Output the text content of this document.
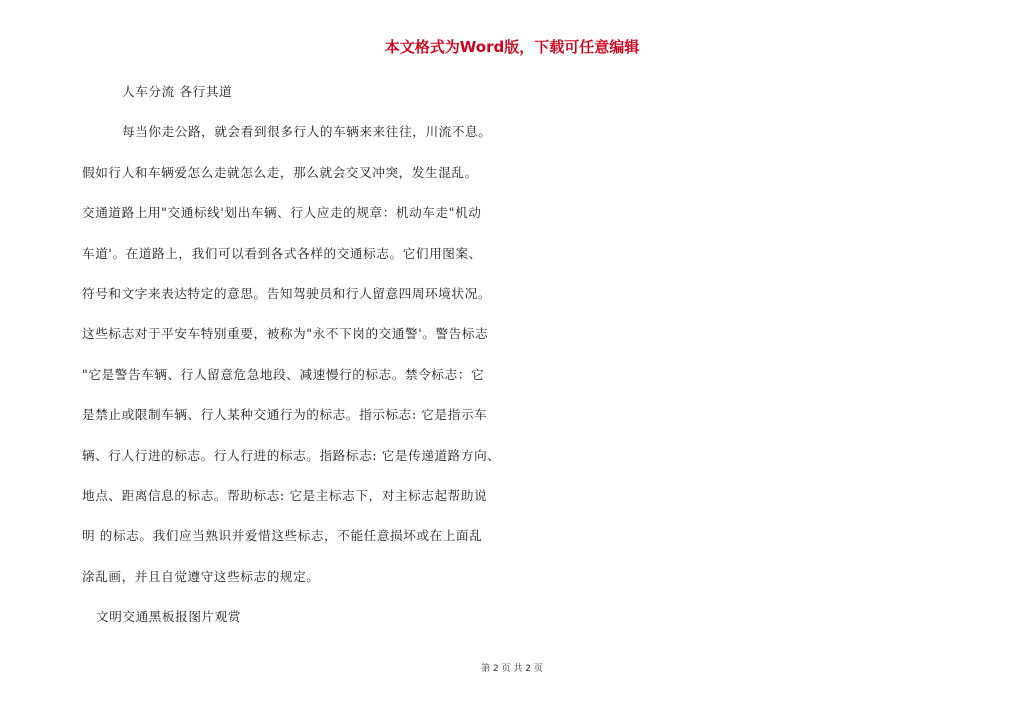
本文格式为Word版，下载可任意编辑
人车分流 各行其道
每当你走公路，就会看到很多行人的车辆来来往往，川流不息。
假如行人和车辆爱怎么走就怎么走，那么就会交叉冲突，发生混乱。
交通道路上用"交通标线'划出车辆、行人应走的规章：机动车走"机动
车道'。在道路上，我们可以看到各式各样的交通标志。它们用图案、
符号和文字来表达特定的意思。告知驾驶员和行人留意四周环境状况。
这些标志对于平安车特别重要，被称为"永不下岗的交通警'。警告标志
"它是警告车辆、行人留意危急地段、减速慢行的标志。禁令标志：它
是禁止或限制车辆、行人某种交通行为的标志。指示标志: 它是指示车
辆、行人行进的标志。行人行进的标志。指路标志: 它是传递道路方向、
地点、距离信息的标志。帮助标志: 它是主标志下，对主标志起帮助说
明 的标志。我们应当熟识并爱惜这些标志，不能任意损坏或在上面乱
涂乱画，并且自觉遵守这些标志的规定。
文明交通黑板报图片观赏
第 2 页 共 2 页
